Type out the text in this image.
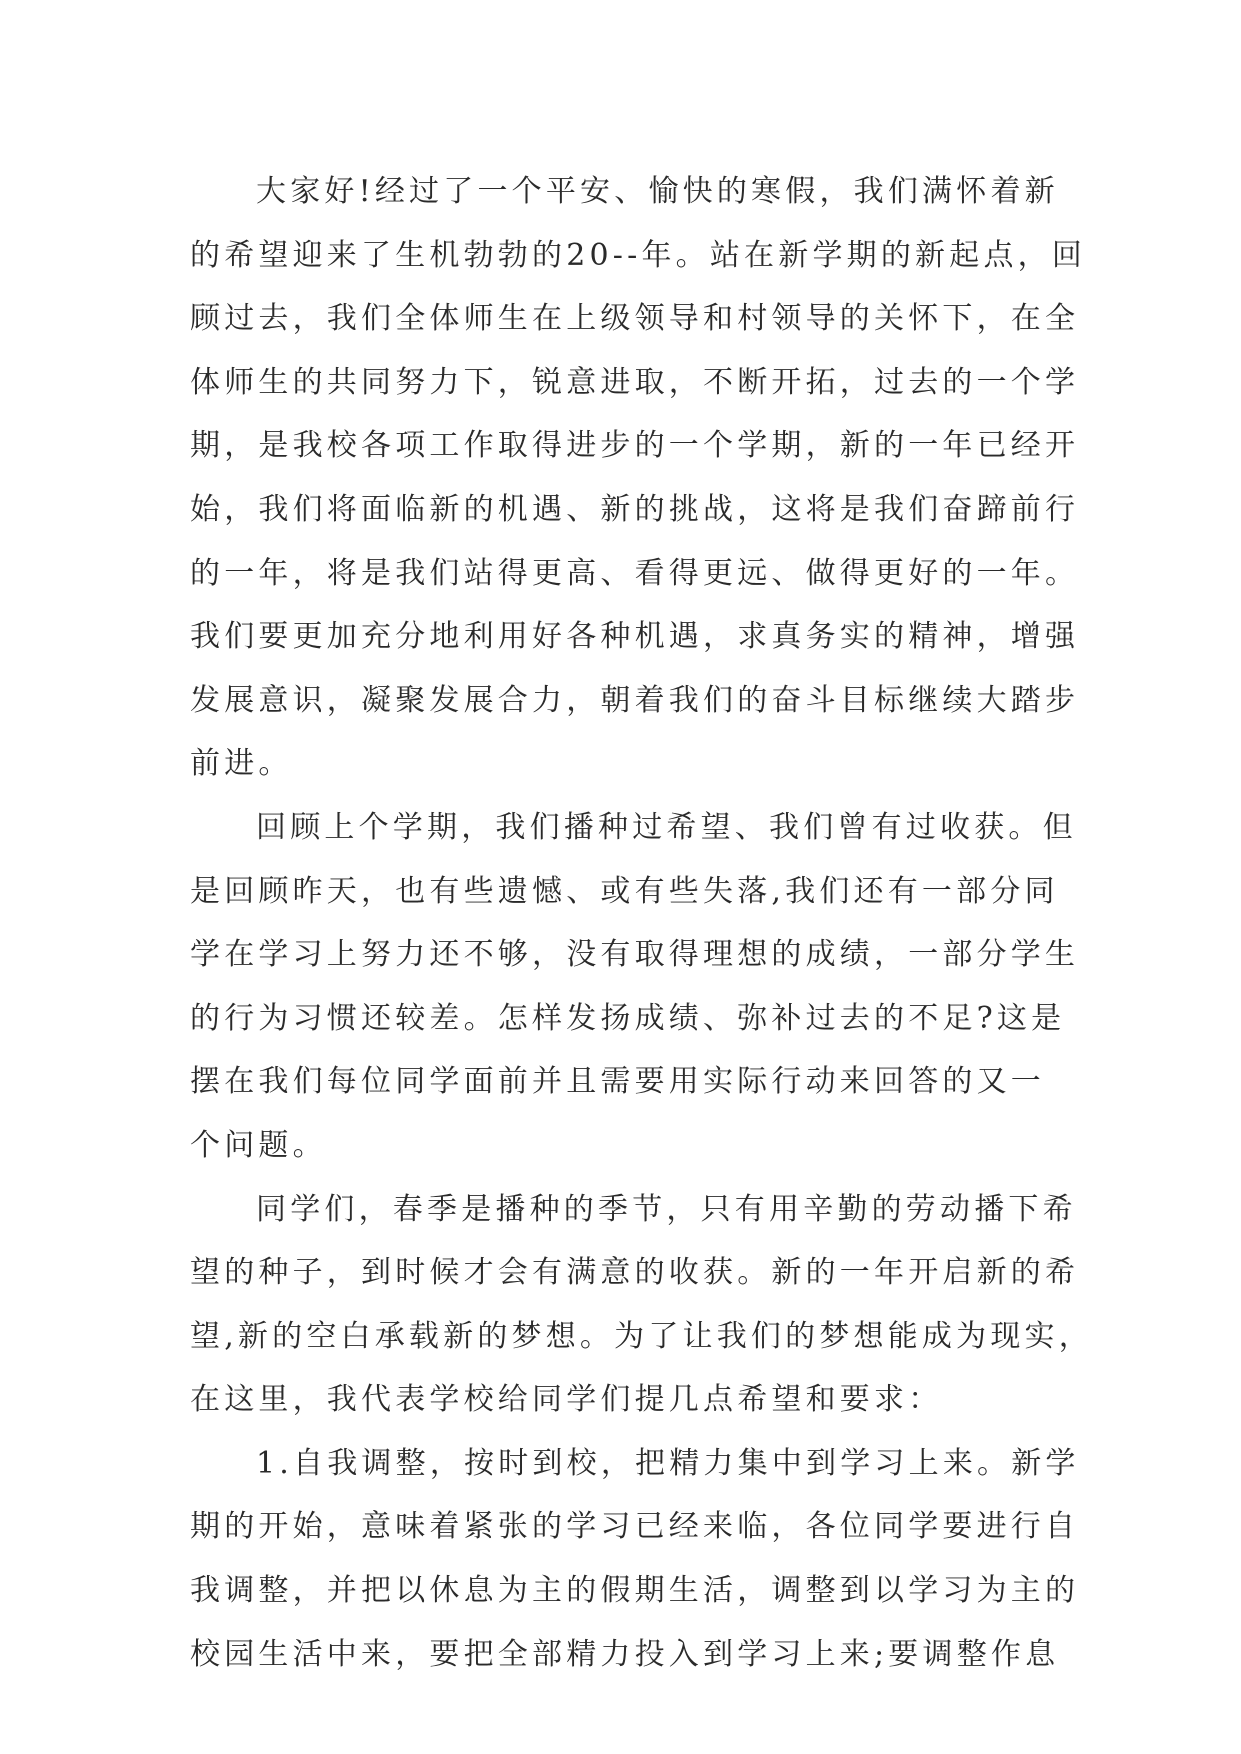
大家好!经过了一个平安、愉快的寒假，我们满怀着新
的希望迎来了生机勃勃的20--年。站在新学期的新起点，回
顾过去，我们全体师生在上级领导和村领导的关怀下，在全
体师生的共同努力下，锐意进取，不断开拓，过去的一个学
期，是我校各项工作取得进步的一个学期，新的一年已经开
始，我们将面临新的机遇、新的挑战，这将是我们奋蹄前行
的一年，将是我们站得更高、看得更远、做得更好的一年。
我们要更加充分地利用好各种机遇，求真务实的精神，增强
发展意识，凝聚发展合力，朝着我们的奋斗目标继续大踏步
前进。
回顾上个学期，我们播种过希望、我们曾有过收获。但
是回顾昨天，也有些遗憾、或有些失落,我们还有一部分同
学在学习上努力还不够，没有取得理想的成绩，一部分学生
的行为习惯还较差。怎样发扬成绩、弥补过去的不足?这是
摆在我们每位同学面前并且需要用实际行动来回答的又一
个问题。
同学们，春季是播种的季节，只有用辛勤的劳动播下希
望的种子，到时候才会有满意的收获。新的一年开启新的希
望,新的空白承载新的梦想。为了让我们的梦想能成为现实，
在这里，我代表学校给同学们提几点希望和要求：
1.自我调整，按时到校，把精力集中到学习上来。新学
期的开始，意味着紧张的学习已经来临，各位同学要进行自
我调整，并把以休息为主的假期生活，调整到以学习为主的
校园生活中来，要把全部精力投入到学习上来;要调整作息
